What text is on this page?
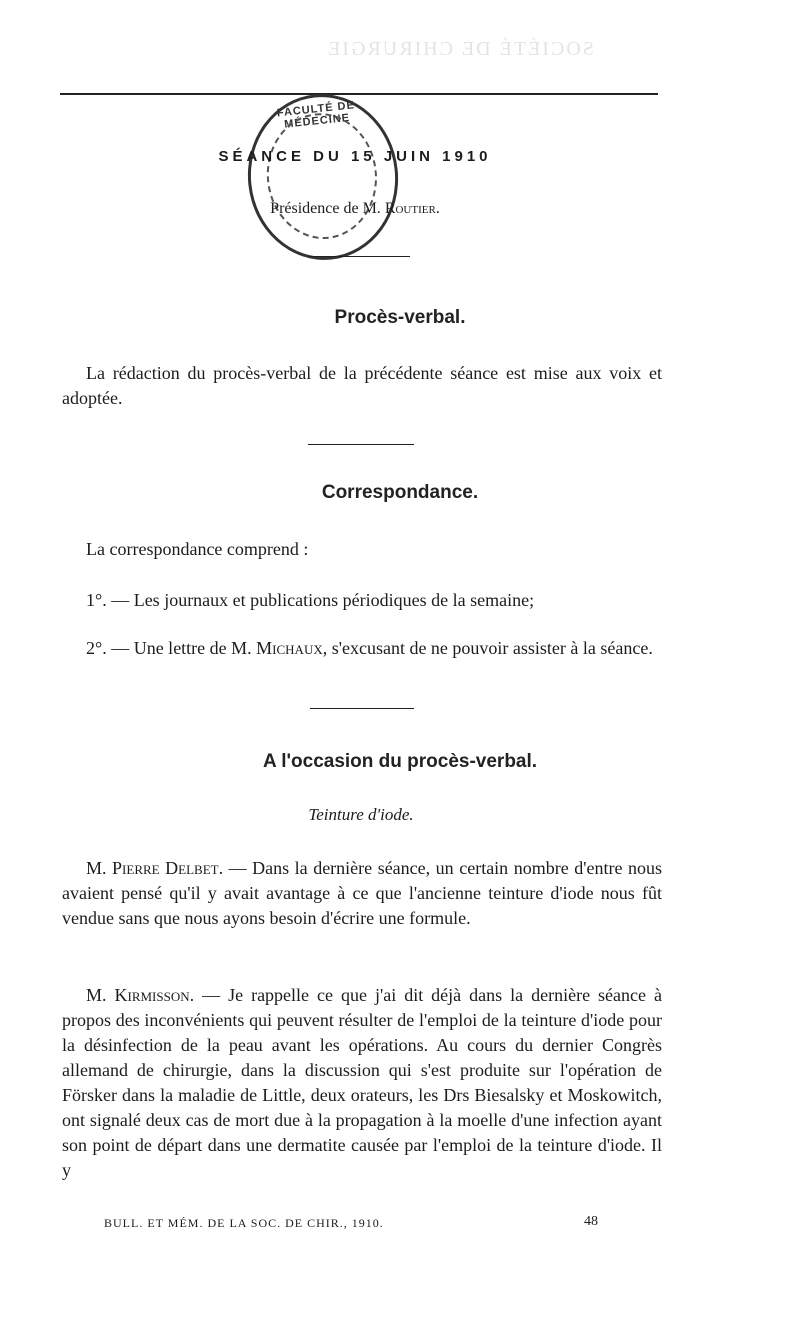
SOCIÉTÉ DE CHIRURGIE
FACULTÉ DE MÉDECINE
SÉANCE DU 15 JUIN 1910
Présidence de M. Routier.
Procès-verbal.
La rédaction du procès-verbal de la précédente séance est mise aux voix et adoptée.
Correspondance.
La correspondance comprend :
1°. — Les journaux et publications périodiques de la semaine;
2°. — Une lettre de M. Michaux, s'excusant de ne pouvoir assister à la séance.
A l'occasion du procès-verbal.
Teinture d'iode.
M. Pierre Delbet. — Dans la dernière séance, un certain nombre d'entre nous avaient pensé qu'il y avait avantage à ce que l'ancienne teinture d'iode nous fût vendue sans que nous ayons besoin d'écrire une formule.
M. Kirmisson. — Je rappelle ce que j'ai dit déjà dans la dernière séance à propos des inconvénients qui peuvent résulter de l'emploi de la teinture d'iode pour la désinfection de la peau avant les opérations. Au cours du dernier Congrès allemand de chirurgie, dans la discussion qui s'est produite sur l'opération de Försker dans la maladie de Little, deux orateurs, les Drs Biesalsky et Moskowitch, ont signalé deux cas de mort due à la propagation à la moelle d'une infection ayant son point de départ dans une dermatite causée par l'emploi de la teinture d'iode. Il y
BULL. ET MÉM. DE LA SOC. DE CHIR., 1910.	48
